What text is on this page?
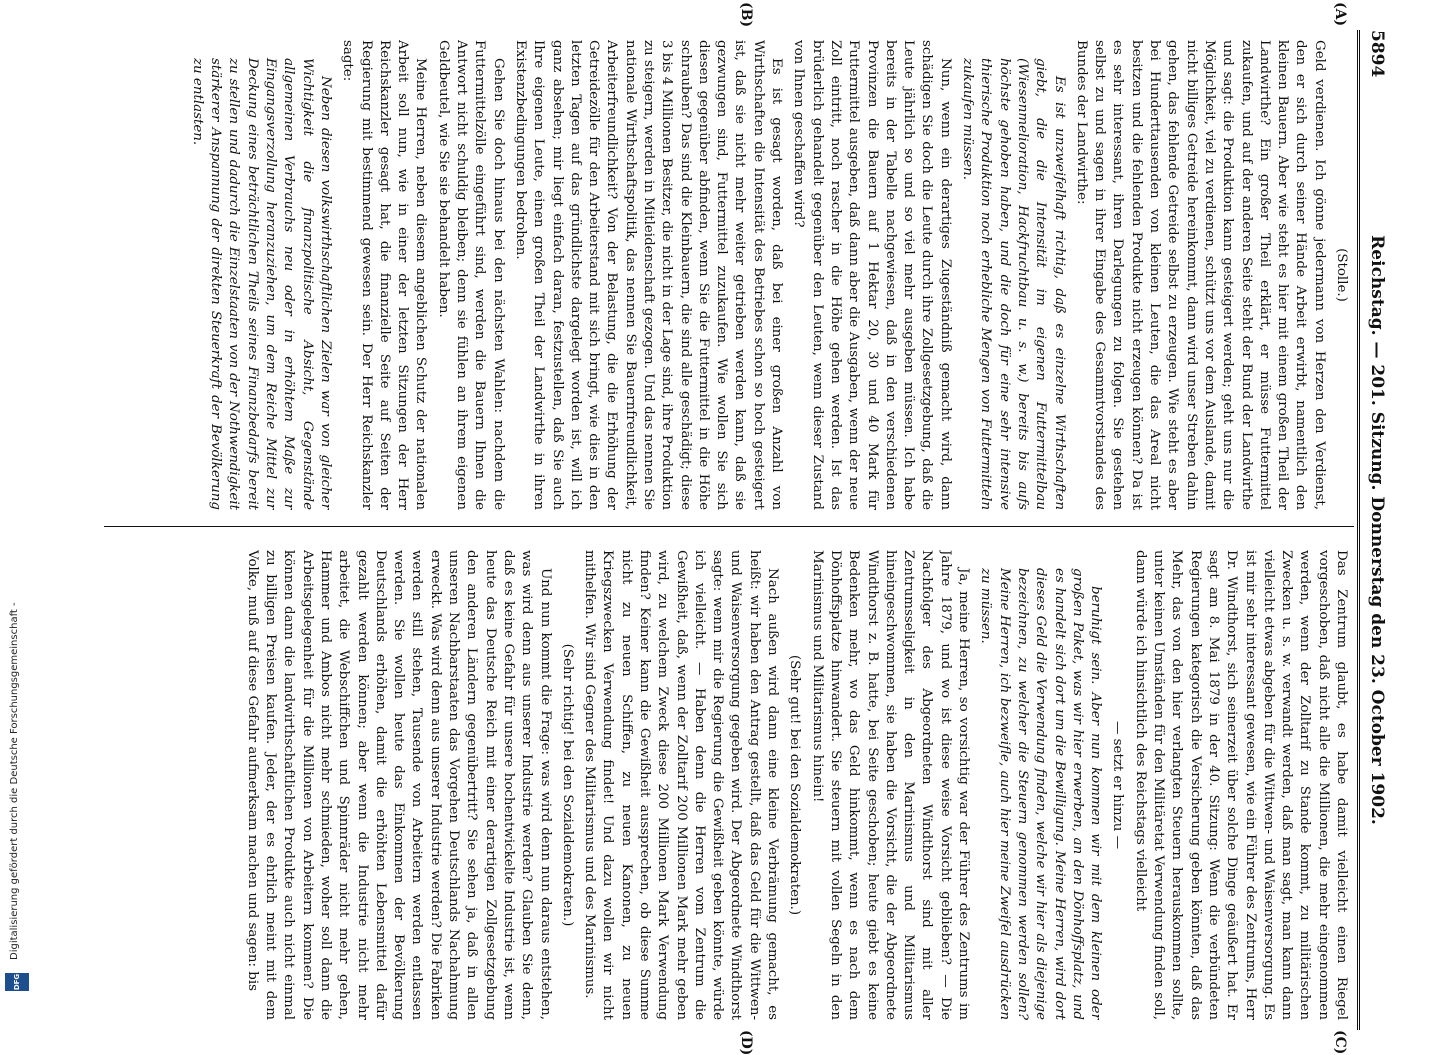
Digitalisierung gefördert durch die Deutsche Forschungsgemeinschaft -
DFG
5894
Reichstag. — 201. Sitzung. Donnerstag den 23. October 1902.
(A)
(B)
(C)
(D)

(Stolle.)

Geld verdienen. Ich gönne jedermann von Herzen den Verdienst, den er sich durch seiner Hände Arbeit erwirbt, namentlich den kleinen Bauern. Aber wie steht es hier mit einem großen Theil der Landwirthe? Ein großer Theil erklärt, er müsse Futtermittel zukaufen, und auf der anderen Seite steht der Bund der Landwirthe und sagt: die Produktion kann gesteigert werden; geht uns nur die Möglichkeit, viel zu verdienen, schützt uns vor dem Auslande, damit nicht billiges Getreide hereinkommt, dann wird unser Streben dahin gehen, das fehlende Getreide selbst zu erzeugen. Wie steht es aber bei Hunderttausenden von kleinen Leuten, die das Areal nicht besitzen und die fehlenden Produkte nicht erzeugen können? Da ist es sehr interessant, ihren Darlegungen zu folgen. Sie gestehen selbst zu und sagen in ihrer Eingabe des Gesammtvorstandes des Bundes der Landwirthe:

Es ist unzweifelhaft richtig, daß es einzelne Wirthschaften giebt, die die Intensität im eigenen Futtermittelbau (Wiesenmelioration, Hackfruchtbau u. s. w.) bereits bis aufs höchste gehoben haben, und die doch für eine sehr intensive thierische Produktion noch erhebliche Mengen von Futtermitteln zukaufen müssen.

Nun, wenn ein derartiges Zugeständniß gemacht wird, dann schädigen Sie doch die Leute durch ihre Zollgesetzgebung, daß die Leute jährlich so und so viel mehr ausgeben müssen. Ich habe bereits in der Tabelle nachgewiesen, daß in den verschiedenen Provinzen die Bauern auf 1 Hektar 20, 30 und 40 Mark für Futtermittel ausgeben, daß dann aber die Ausgaben, wenn der neue Zoll eintritt, noch rascher in die Höhe gehen werden. Ist das brüderlich gehandelt gegenüber den Leuten, wenn dieser Zustand von Ihnen geschaffen wird?

Es ist gesagt worden, daß bei einer großen Anzahl von Wirthschaften die Intensität des Betriebes schon so hoch gesteigert ist, daß sie nicht mehr weiter getrieben werden kann, daß sie gezwungen sind, Futtermittel zuzukaufen. Wie wollen Sie sich diesen gegenüber abfinden, wenn Sie die Futtermittel in die Höhe schrauben? Das sind die Kleinbauern, die sind alle geschädigt; diese 3 bis 4 Millionen Besitzer, die nicht in der Lage sind, ihre Produktion zu steigern, werden in Mitleidenschaft gezogen. Und das nennen Sie nationale Wirthschaftspolitik, das nennen Sie Bauernfreundlichkeit, Arbeiterfreundlichkeit? Von der Belastung, die die Erhöhung der Getreidezölle für den Arbeiterstand mit sich bringt, wie dies in den letzten Tagen auf das gründlichste dargelegt worden ist, will ich ganz absehen; mir liegt einfach daran, festzustellen, daß Sie auch Ihre eigenen Leute, einen großen Theil der Landwirthe in ihren Existenzbedingungen bedrohen.

Gehen Sie doch hinaus bei den nächsten Wahlen: nachdem die Futtermittelzölle eingeführt sind, werden die Bauern Ihnen die Antwort nicht schuldig bleiben; denn sie fühlen an ihrem eigenen Geldbeutel, wie Sie sie behandelt haben.

Meine Herren, neben diesem angeblichen Schutz der nationalen Arbeit soll nun, wie in einer der letzten Sitzungen der Herr Reichskanzler gesagt hat, die finanzielle Seite auf Seiten der Regierung mit bestimmend gewesen sein. Der Herr Reichskanzler sagte:

Neben diesen volkswirthschaftlichen Zielen war von gleicher Wichtigkeit die finanzpolitische Absicht, Gegenstände allgemeinen Verbrauchs neu oder in erhöhtem Maße zur Eingangsverzollung heranzuziehen, um dem Reiche Mittel zur Deckung eines beträchtlichen Theils seines Finanzbedarfs bereit zu stellen und dadurch die Einzelstaaten von der Nothwendigkeit stärkerer Anspannung der direkten Steuerkraft der Bevölkerung zu entlasten.

Das Zentrum glaubt, es habe damit vielleicht einen Riegel vorgeschoben, daß nicht alle die Millionen, die mehr eingenommen werden, wenn der Zolltarif zu Stande kommt, zu militärischen Zwecken u. s. w. verwandt werden, daß man sagt, man kann dann vielleicht etwas abgeben für die Wittwen- und Waisenversorgung. Es ist mir sehr interessant gewesen, wie ein Führer des Zentrums, Herr Dr. Windthorst, sich seinerzeit über solche Dinge geäußert hat. Er sagt am 8. Mai 1879 in der 40. Sitzung: Wenn die verbündeten Regierungen kategorisch die Versicherung geben könnten, daß das Mehr, das von den hier verlangten Steuern herauskommen sollte, unter keinen Umständen für den Militäretat Verwendung finden soll, dann würde ich hinsichtlich des Reichstags vielleicht

— setzt er hinzu —

beruhigt sein. Aber nun kommen wir mit dem kleinen oder großen Paket, was wir hier erwerben, an den Dönhoffsplatz, und es handelt sich dort um die Bewilligung. Meine Herren, wird dort dieses Geld die Verwendung finden, welche wir hier als diejenige bezeichnen, zu welcher die Steuern genommen werden sollen? Meine Herren, ich bezweifle, auch hier meine Zweifel ausdrücken zu müssen.

Ja, meine Herren, so vorsichtig war der Führer des Zentrums im Jahre 1879, und wo ist diese weise Vorsicht geblieben? — Die Nachfolger des Abgeordneten Windthorst sind mit aller Zentrumsseligkeit in den Marinismus und Militarismus hineingeschwommen, sie haben die Vorsicht, die der Abgeordnete Windthorst z. B. hatte, bei Seite geschoben; heute giebt es keine Bedenken mehr, wo das Geld hinkommt, wenn es nach dem Dönhoffsplatze hinwandert. Sie steuern mit vollen Segeln in den Marinismus und Militarismus hinein!

(Sehr gut! bei den Sozialdemokraten.)

Nach außen wird dann eine kleine Verbrämung gemacht, es heißt: wir haben den Antrag gestellt, daß das Geld für die Wittwen- und Waisenversorgung gegeben wird. Der Abgeordnete Windthorst sagte: wenn mir die Regierung die Gewißheit geben könnte, würde ich vielleicht. — Haben denn die Herren vom Zentrum die Gewißheit, daß, wenn der Zolltarif 200 Millionen Mark mehr geben wird, zu welchem Zweck diese 200 Millionen Mark Verwendung finden? Keiner kann die Gewißheit aussprechen, ob diese Summe nicht zu neuen Schiffen, zu neuen Kanonen, zu neuen Kriegszwecken Verwendung findet! Und dazu wollen wir nicht mithelfen. Wir sind Gegner des Militarismus und des Marinismus.

(Sehr richtig! bei den Sozialdemokraten.)

Und nun kommt die Frage: was wird denn nun daraus entstehen, was wird denn aus unserer Industrie werden? Glauben Sie denn, daß es keine Gefahr für unsere hochentwickelte Industrie ist, wenn heute das Deutsche Reich mit einer derartigen Zollgesetzgebung den anderen Ländern gegenübertritt? Sie sehen ja, daß in allen unseren Nachbarstaaten das Vorgehen Deutschlands Nachahmung erweckt. Was wird denn aus unserer Industrie werden? Die Fabriken werden still stehen, Tausende von Arbeitern werden entlassen werden. Sie wollen heute das Einkommen der Bevölkerung Deutschlands erhöhen, damit die erhöhten Lebensmittel dafür gezahlt werden können; aber wenn die Industrie nicht mehr arbeitet, die Webschiffchen und Spinnräder nicht mehr gehen, Hammer und Ambos nicht mehr schmieden, woher soll dann die Arbeitsgelegenheit für die Millionen von Arbeitern kommen? Die können dann die landwirthschaftlichen Produkte auch nicht einmal zu billigen Preisen kaufen. Jeder, der es ehrlich meint mit dem Volke, muß auf diese Gefahr aufmerksam machen und sagen: bis
